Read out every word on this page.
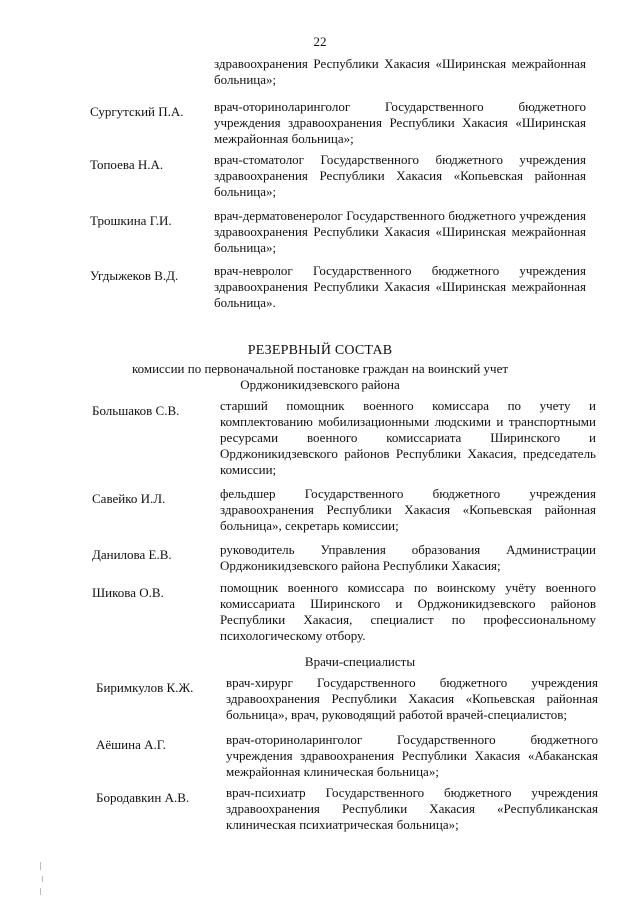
22
здравоохранения Республики Хакасия «Ширинская межрайонная больница»;
Сургутский П.А. врач-оториноларинголог Государственного бюджетного учреждения здравоохранения Республики Хакасия «Ширинская межрайонная больница»;
Топоева Н.А.	врач-стоматолог Государственного бюджетного учреждения здравоохранения Республики Хакасия «Копьевская районная больница»;
Трошкина Г.И.	врач-дерматовенеролог Государственного бюджетного учреждения здравоохранения Республики Хакасия «Ширинская межрайонная больница»;
Угдыжеков В.Д.	врач-невролог Государственного бюджетного учреждения здравоохранения Республики Хакасия «Ширинская межрайонная больница».
РЕЗЕРВНЫЙ СОСТАВ
комиссии по первоначальной постановке граждан на воинский учет
Орджоникидзевского района
Большаков С.В.	старший помощник военного комиссара по учету и комплектованию мобилизационными людскими и транспортными ресурсами военного комиссариата Ширинского и Орджоникидзевского районов Республики Хакасия, председатель комиссии;
Савейко И.Л.	фельдшер Государственного бюджетного учреждения здравоохранения Республики Хакасия «Копьевская районная больница», секретарь комиссии;
Данилова Е.В.	руководитель Управления образования Администрации Орджоникидзевского района Республики Хакасия;
Шикова О.В.	помощник военного комиссара по воинскому учёту военного комиссариата Ширинского и Орджоникидзевского районов Республики Хакасия, специалист по профессиональному психологическому отбору.
Врачи-специалисты
Биримкулов К.Ж.	врач-хирург Государственного бюджетного учреждения здравоохранения Республики Хакасия «Копьевская районная больница», врач, руководящий работой врачей-специалистов;
Аёшина А.Г.	врач-оториноларинголог Государственного бюджетного учреждения здравоохранения Республики Хакасия «Абаканская межрайонная клиническая больница»;
Бородавкин А.В.	врач-психиатр Государственного бюджетного учреждения здравоохранения Республики Хакасия «Республиканская клиническая психиатрическая больница»;
